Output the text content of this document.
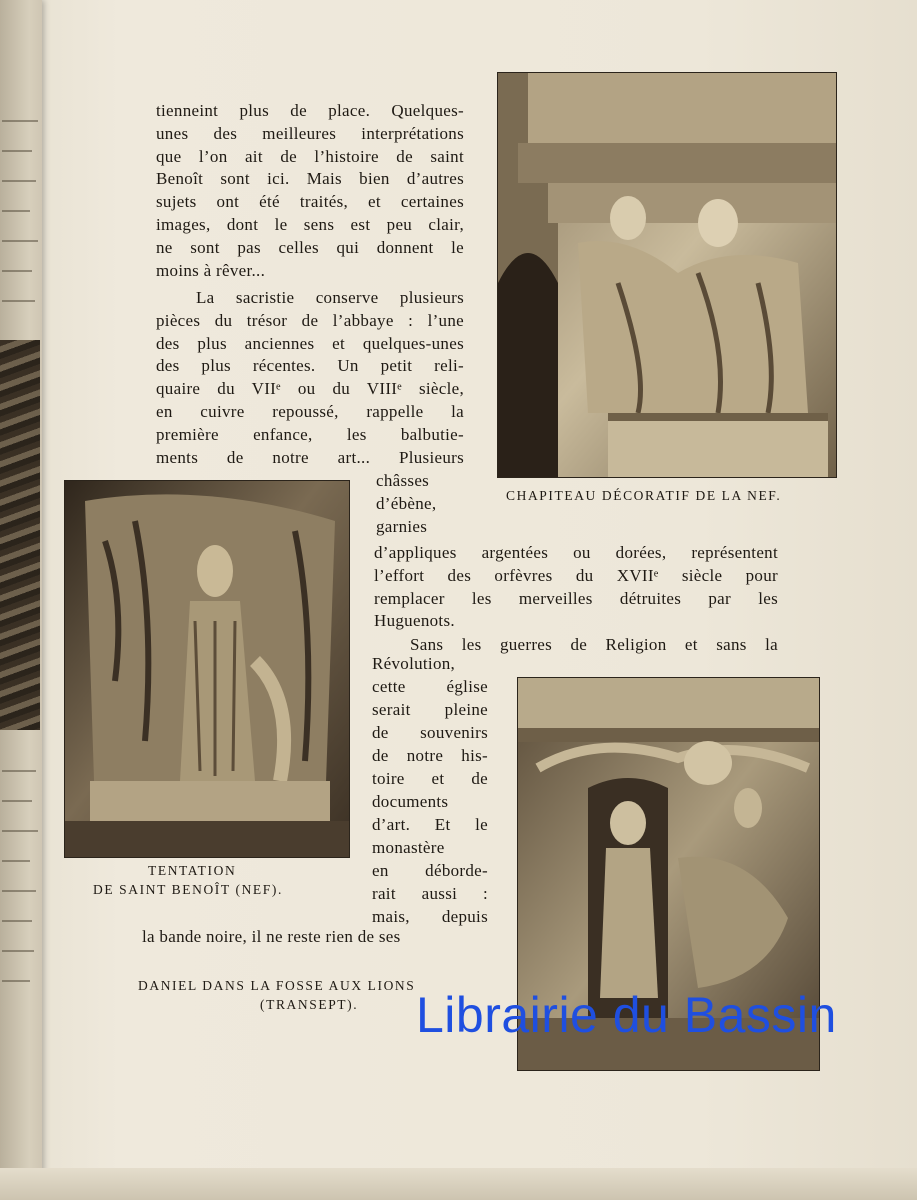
tienneint plus de place. Quelques-
unes des meilleures interprétations
que l’on ait de l’histoire de saint
Benoît sont ici. Mais bien d’autres
sujets ont été traités, et certaines
images, dont le sens est peu clair,
ne sont pas celles qui donnent le
moins à rêver...
La sacristie conserve plusieurs
pièces du trésor de l’abbaye : l’une
des plus anciennes et quelques-unes
des plus récentes. Un petit reli-
quaire du VIIᵉ ou du VIIIᵉ siècle,
en cuivre repoussé, rappelle la
première enfance, les balbutie-
ments de notre art... Plusieurs
châsses
d’ébène,
garnies
d’appliques argentées ou dorées, représentent
l’effort des orfèvres du XVIIᵉ siècle pour
remplacer les merveilles détruites par les
Huguenots.
Sans les guerres de Religion et sans la
Révolution,
cette église
serait pleine
de souvenirs
de notre his-
toire et de
documents
d’art. Et le
monastère
en déborde-
rait aussi :
mais, depuis
la bande noire, il ne reste rien de ses
CHAPITEAU DÉCORATIF DE LA NEF.
TENTATION
DE SAINT BENOÎT (NEF).
DANIEL DANS LA FOSSE AUX LIONS
(TRANSEPT). Librairie du Bassin
